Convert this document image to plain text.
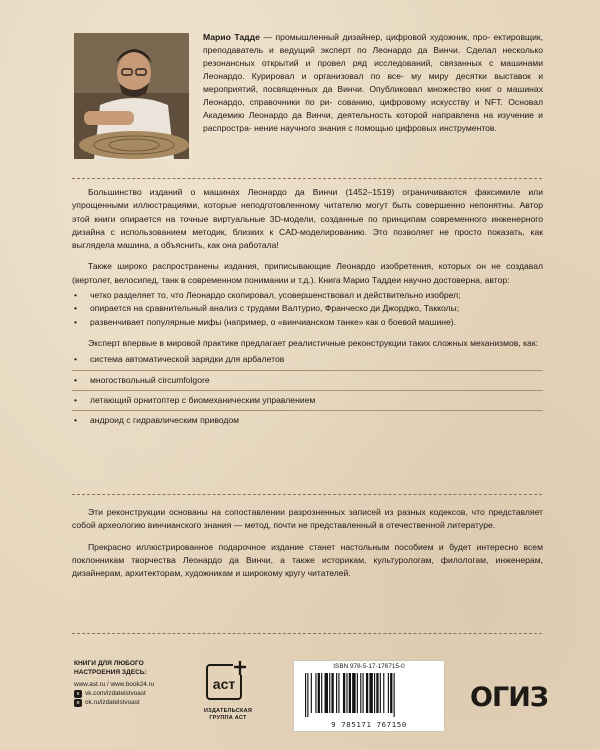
Марио Тадде — промышленный дизайнер, цифровой художник, про- ектировщик, преподаватель и ведущий эксперт по Леонардо да Винчи. Сделал несколько резонансных открытий и провел ряд исследований, связанных с машинами Леонардо. Курировал и организовал по все- му миру десятки выставок и мероприятий, посвященных да Винчи. Опубликовал множество книг о машинах Леонардо, справочники по ри- сованию, цифровому искусству и NFT. Основал Академию Леонардо да Винчи, деятельность которой направлена на изучение и распростра- нение научного знания с помощью цифровых инструментов.

Большинство изданий о машинах Леонардо да Винчи (1452–1519) ограничиваются факсимиле или упрощенными иллюстрациями, которые неподготовленному читателю могут быть совершенно непонятны. Автор этой книги опирается на точные виртуальные 3D-модели, созданные по принципам современного инженерного дизайна с использованием методик, близких к CAD-моделированию. Это позволяет не просто показать, как выглядела машина, а объяснить, как она работала!

Также широко распространены издания, приписывающие Леонардо изобретения, которых он не создавал (вертолет, велосипед, танк в современном понимании и т.д.). Книга Марио Таддеи научно достоверна, автор:

• четко разделяет то, что Леонардо скопировал, усовершенствовал и действительно изобрел;
• опирается на сравнительный анализ с трудами Валтурио, Франческо ди Джорджо, Такколы;
• развенчивает популярные мифы (например, о «винчианском танке» как о боевой машине).

Эксперт впервые в мировой практике предлагает реалистичные реконструкции таких сложных механизмов, как:

• система автоматической зарядки для арбалетов
• многоствольный circumfolgore
• летающий орнитоптер с биомеханическим управлением
• андроид с гидравлическим приводом

Эти реконструкции основаны на сопоставлении разрозненных записей из разных кодексов, что представляет собой археологию винчианского знания — метод, почти не представленный в отечественной литературе.

Прекрасно иллюстрированное подарочное издание станет настольным пособием и будет интересно всем поклонникам творчества Леонардо да Винчи, а также историкам, культурологам, филологам, инженерам, дизайнерам, архитекторам, художникам и широкому кругу читателей.

КНИГИ ДЛЯ ЛЮБОГО
НАСТРОЕНИЯ ЗДЕСЬ:
www.ast.ru / www.book24.ru
v vk.com/izdatelstvoast
o ok.ru/izdatelstvoast
аст
ИЗДАТЕЛЬСКАЯ
ГРУППА АСТ
ISBN 978-5-17-176715-0
9 785171 767150
ОГИЗ
